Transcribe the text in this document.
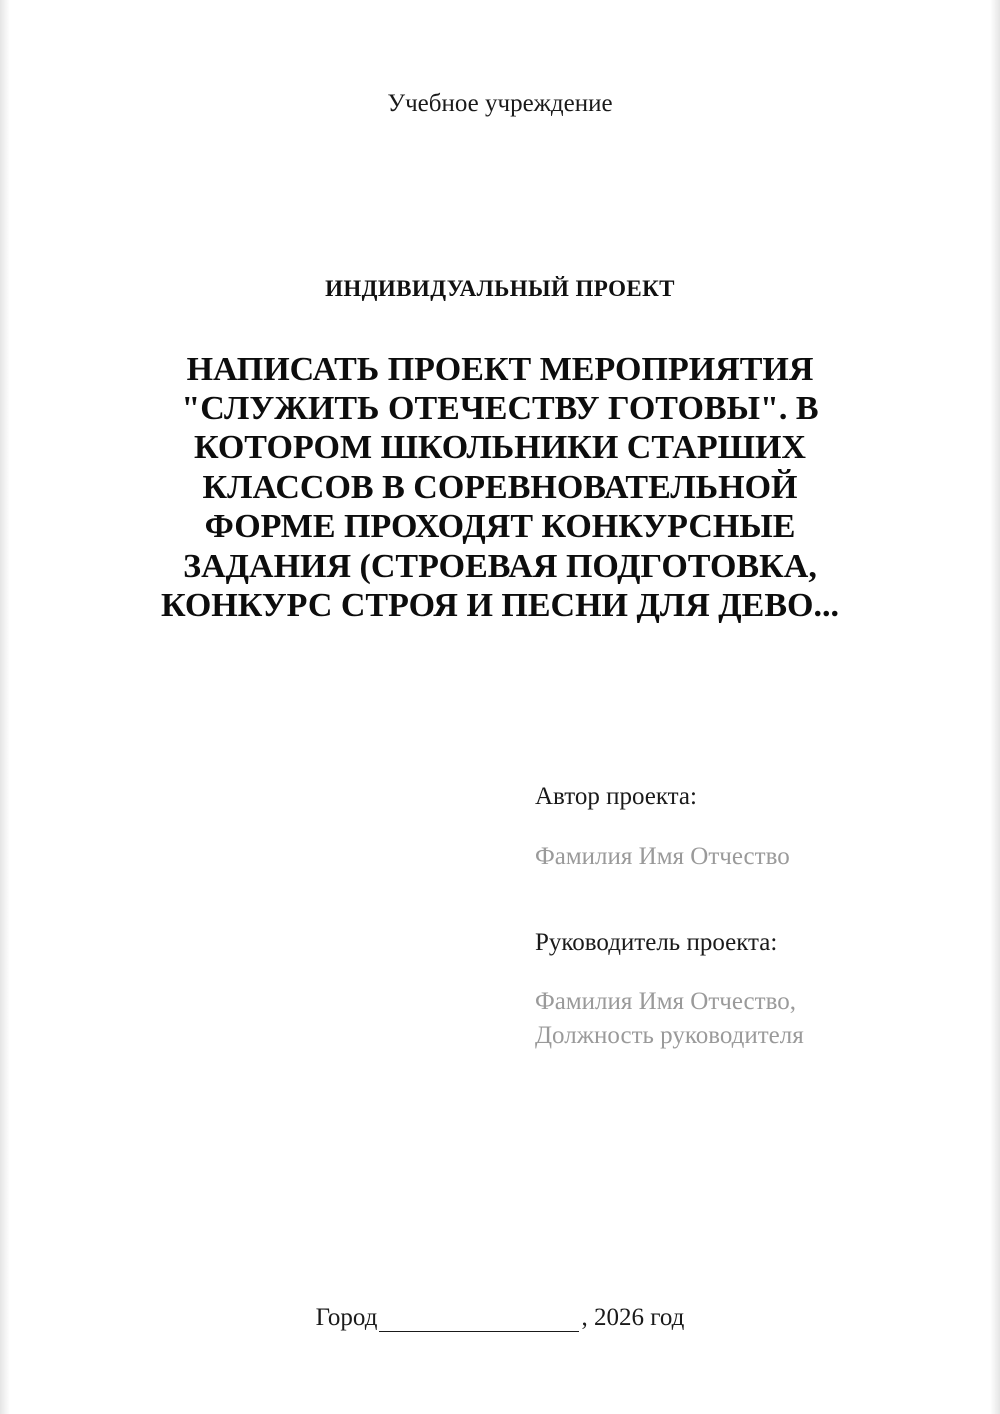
Учебное учреждение
ИНДИВИДУАЛЬНЫЙ ПРОЕКТ
НАПИСАТЬ ПРОЕКТ МЕРОПРИЯТИЯ "СЛУЖИТЬ ОТЕЧЕСТВУ ГОТОВЫ". В КОТОРОМ ШКОЛЬНИКИ СТАРШИХ КЛАССОВ В СОРЕВНОВАТЕЛЬНОЙ ФОРМЕ ПРОХОДЯТ КОНКУРСНЫЕ ЗАДАНИЯ (СТРОЕВАЯ ПОДГОТОВКА, КОНКУРС СТРОЯ И ПЕСНИ ДЛЯ ДЕВО...
Автор проекта:
Фамилия Имя Отчество
Руководитель проекта:
Фамилия Имя Отчество,
Должность руководителя
Город	, 2026 год
